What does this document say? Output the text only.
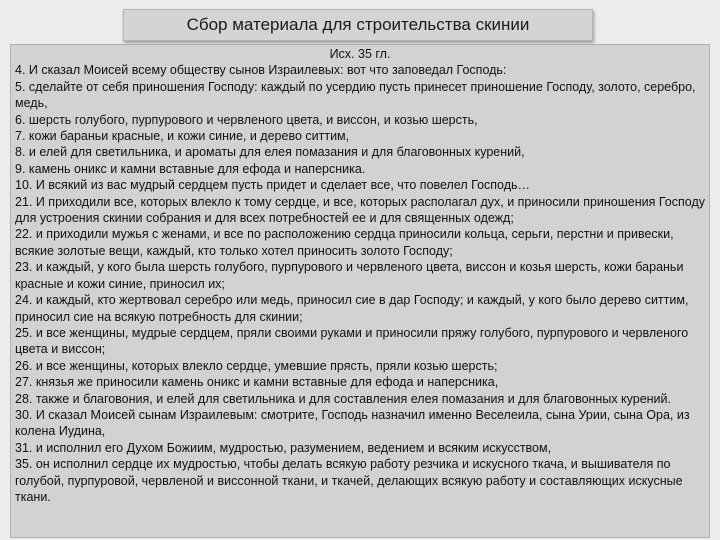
Сбор материала для строительства скинии

Исх. 35 гл.

4. И сказал Моисей всему обществу сынов Израилевых: вот что заповедал Господь:

5. сделайте от себя приношения Господу: каждый по усердию пусть принесет приношение Господу, золото, серебро, медь,

6. шерсть голубого, пурпурового и червленого цвета, и виссон, и козью шерсть,

7. кожи бараньи красные, и кожи синие, и дерево ситтим,

8. и елей для светильника, и ароматы для елея помазания и для благовонных курений,

9. камень оникс и камни вставные для ефода и наперсника.

10. И всякий из вас мудрый сердцем пусть придет и сделает все, что повелел Господь…

21. И приходили все, которых влекло к тому сердце, и все, которых располагал дух, и приносили приношения Господу для устроения скинии собрания и для всех потребностей ее и для священных одежд;

22. и приходили мужья с женами, и все по расположению сердца приносили кольца, серьги, перстни и привески, всякие золотые вещи, каждый, кто только хотел приносить золото Господу;

23. и каждый, у кого была шерсть голубого, пурпурового и червленого цвета, виссон и козья шерсть, кожи бараньи красные и кожи синие, приносил их;

24. и каждый, кто жертвовал серебро или медь, приносил сие в дар Господу; и каждый, у кого было дерево ситтим, приносил сие на всякую потребность для скинии;

25. и все женщины, мудрые сердцем, пряли своими руками и приносили пряжу голубого, пурпурового и червленого цвета и виссон;

26. и все женщины, которых влекло сердце, умевшие прясть, пряли козью шерсть;

27. князья же приносили камень оникс и камни вставные для ефода и наперсника,

28. также и благовония, и елей для светильника и для составления елея помазания и для благовонных курений.

30. И сказал Моисей сынам Израилевым: смотрите, Господь назначил именно Веселеила, сына Урии, сына Ора, из колена Иудина,

31. и исполнил его Духом Божиим, мудростью, разумением, ведением и всяким искусством,

35. он исполнил сердце их мудростью, чтобы делать всякую работу резчика и искусного ткача, и вышивателя по голубой, пурпуровой, червленой и виссонной ткани, и ткачей, делающих всякую работу и составляющих искусные ткани.
